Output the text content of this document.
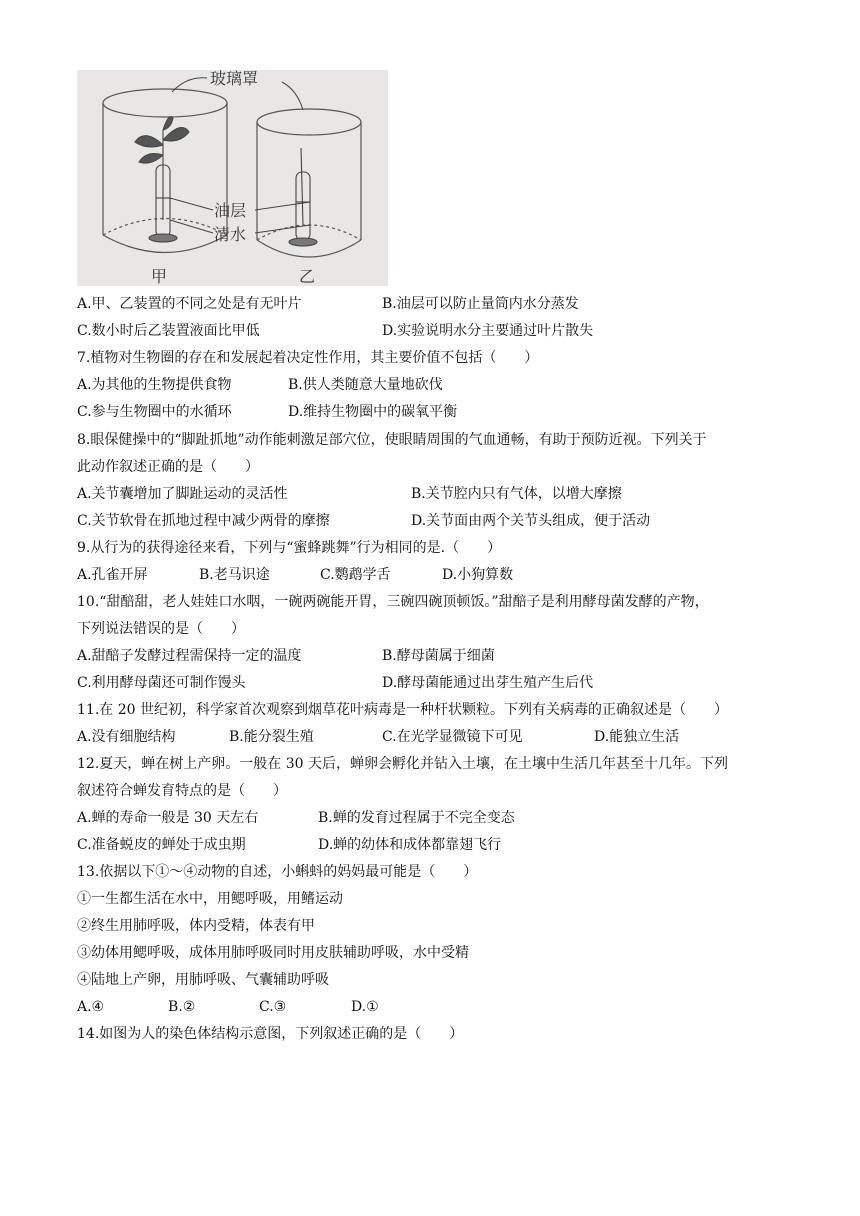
玻璃罩
油层
清水
甲	乙
A.甲、乙装置的不同之处是有无叶片	B.油层可以防止量筒内水分蒸发
C.数小时后乙装置液面比甲低	D.实验说明水分主要通过叶片散失
7.植物对生物圈的存在和发展起着决定性作用，其主要价值不包括（　　）
A.为其他的生物提供食物	B.供人类随意大量地砍伐
C.参与生物圈中的水循环	D.维持生物圈中的碳氧平衡
8.眼保健操中的“脚趾抓地”动作能刺激足部穴位，使眼睛周围的气血通畅，有助于预防近视。下列关于
此动作叙述正确的是（　　）
A.关节囊增加了脚趾运动的灵活性	B.关节腔内只有气体，以增大摩擦
C.关节软骨在抓地过程中减少两骨的摩擦	D.关节面由两个关节头组成，便于活动
9.从行为的获得途径来看，下列与“蜜蜂跳舞”行为相同的是.（　　）
A.孔雀开屏	B.老马识途	C.鹦鹉学舌	D.小狗算数
10.“甜醅甜，老人娃娃口水咽，一碗两碗能开胃，三碗四碗顶顿饭。”甜醅子是利用酵母菌发酵的产物，
下列说法错误的是（　　）
A.甜醅子发酵过程需保持一定的温度	B.酵母菌属于细菌
C.利用酵母菌还可制作馒头	D.酵母菌能通过出芽生殖产生后代
11.在 20 世纪初，科学家首次观察到烟草花叶病毒是一种杆状颗粒。下列有关病毒的正确叙述是（　　）
A.没有细胞结构	B.能分裂生殖	C.在光学显微镜下可见	D.能独立生活
12.夏天，蝉在树上产卵。一般在 30 天后，蝉卵会孵化并钻入土壤，在土壤中生活几年甚至十几年。下列
叙述符合蝉发育特点的是（　　）
A.蝉的寿命一般是 30 天左右	B.蝉的发育过程属于不完全变态
C.准备蜕皮的蝉处于成虫期	D.蝉的幼体和成体都靠翅飞行
13.依据以下①～④动物的自述，小蝌蚪的妈妈最可能是（　　）
①一生都生活在水中，用鳃呼吸，用鳍运动
②终生用肺呼吸，体内受精，体表有甲
③幼体用鳃呼吸，成体用肺呼吸同时用皮肤辅助呼吸，水中受精
④陆地上产卵，用肺呼吸、气囊辅助呼吸
A.④	B.②	C.③	D.①
14.如图为人的染色体结构示意图，下列叙述正确的是（　　）
